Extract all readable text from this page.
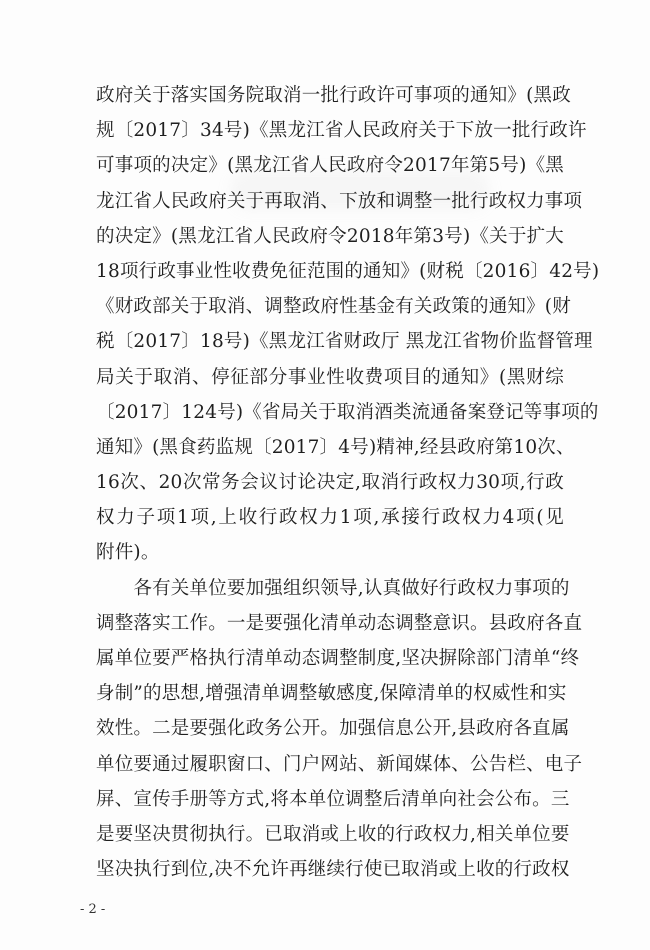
政府关于落实国务院取消一批行政许可事项的通知》(黑政
规〔2017〕34号)《黑龙江省人民政府关于下放一批行政许
可事项的决定》(黑龙江省人民政府令2017年第5号)《黑
龙江省人民政府关于再取消、下放和调整一批行政权力事项
的决定》(黑龙江省人民政府令2018年第3号)《关于扩大
18项行政事业性收费免征范围的通知》(财税〔2016〕42号)
《财政部关于取消、调整政府性基金有关政策的通知》(财
税〔2017〕18号)《黑龙江省财政厅 黑龙江省物价监督管理
局关于取消、停征部分事业性收费项目的通知》(黑财综
〔2017〕124号)《省局关于取消酒类流通备案登记等事项的
通知》(黑食药监规〔2017〕4号)精神,经县政府第10次、
16次、20次常务会议讨论决定,取消行政权力30项,行政
权力子项1项,上收行政权力1项,承接行政权力4项(见
附件)。
　　各有关单位要加强组织领导,认真做好行政权力事项的
调整落实工作。一是要强化清单动态调整意识。县政府各直
属单位要严格执行清单动态调整制度,坚决摒除部门清单“终
身制”的思想,增强清单调整敏感度,保障清单的权威性和实
效性。二是要强化政务公开。加强信息公开,县政府各直属
单位要通过履职窗口、门户网站、新闻媒体、公告栏、电子
屏、宣传手册等方式,将本单位调整后清单向社会公布。三
是要坚决贯彻执行。已取消或上收的行政权力,相关单位要
坚决执行到位,决不允许再继续行使已取消或上收的行政权
- 2 -
